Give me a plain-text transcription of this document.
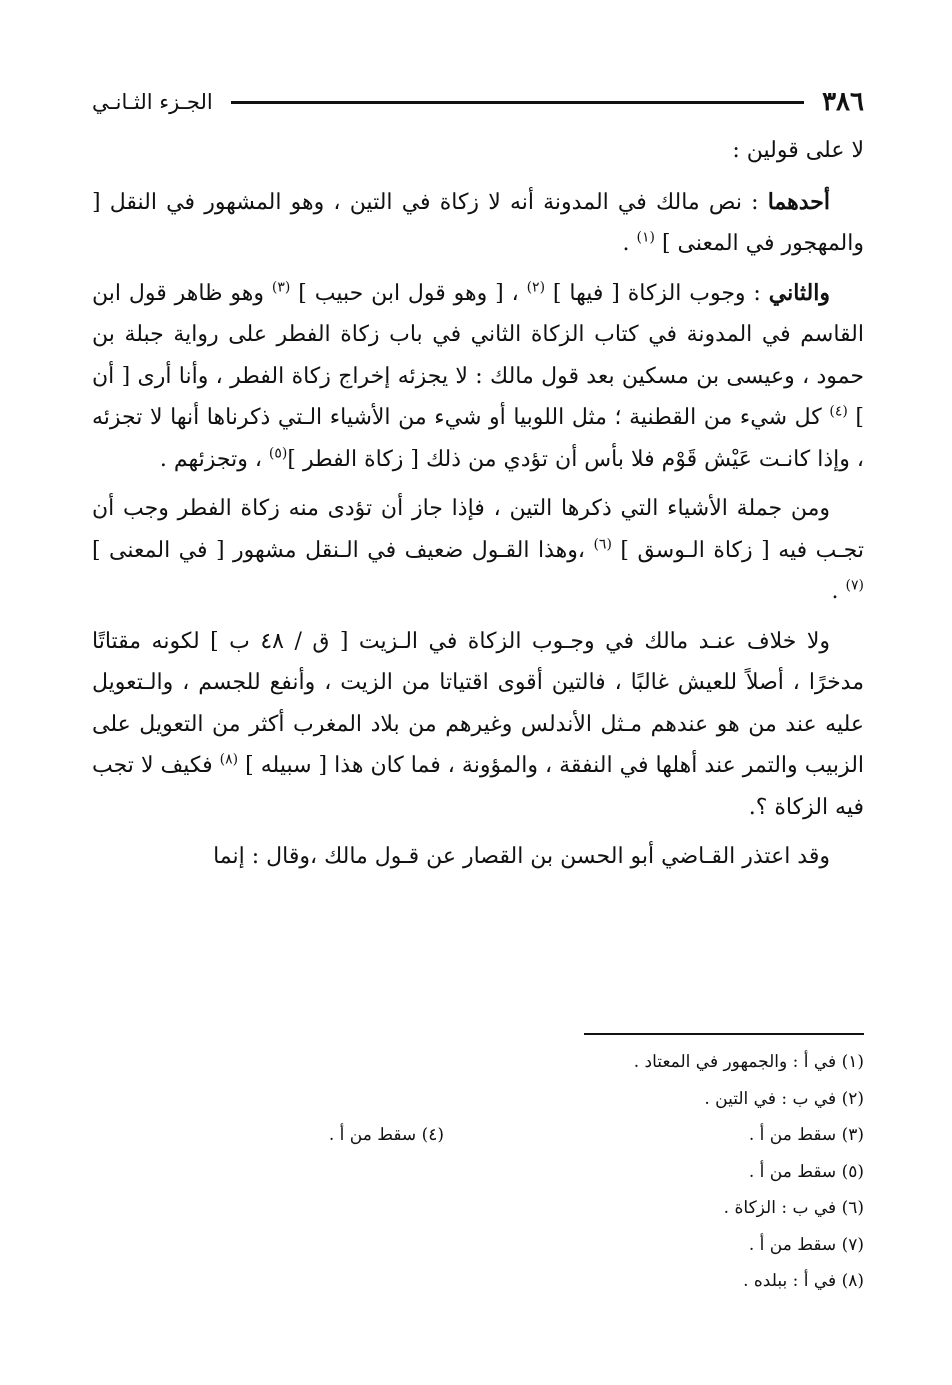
٣٨٦
الجـزء الثـانـي

لا على قولين :

أحدهما : نص مالك في المدونة أنه لا زكاة في التين ، وهو المشهور في النقل [ والمهجور في المعنى ] $^{(١)}$ .

والثاني : وجوب الزكاة [ فيها ] $^{(٢)}$ ، [ وهو قول ابن حبيب ] $^{(٣)}$ وهو ظاهر قول ابن القاسم في المدونة في كتاب الزكاة الثاني في باب زكاة الفطر على رواية جبلة بن حمود ، وعيسى بن مسكين بعد قول مالك : لا يجزئه إخراج زكاة الفطر ، وأنا أرى [ أن ] $^{(٤)}$ كل شيء من القطنية ؛ مثل اللوبيا أو شيء من الأشياء الـتي ذكرناها أنها لا تجزئه ، وإذا كانـت عَيْش قَوْم فلا بأس أن تؤدي من ذلك [ زكاة الفطر ]$^{(٥)}$ ، وتجزئهم .

ومن جملة الأشياء التي ذكرها التين ، فإذا جاز أن تؤدى منه زكاة الفطر وجب أن تجـب فيه [ زكاة الـوسق ] $^{(٦)}$ ،وهذا القـول ضعيف في الـنقل مشهور [ في المعنى ] $^{(٧)}$ .

ولا خلاف عنـد مالك في وجـوب الزكاة في الـزيت [ ق / ٤٨ ب ] لكونه مقتاتًا مدخرًا ، أصلاً للعيش غالبًا ، فالتين أقوى اقتياتا من الزيت ، وأنفع للجسم ، والـتعويل عليه عند من هو عندهم مـثل الأندلس وغيرهم من بلاد المغرب أكثر من التعويل على الزبيب والتمر عند أهلها في النفقة ، والمؤونة ، فما كان هذا [ سبيله ] $^{(٨)}$ فكيف لا تجب فيه الزكاة ؟.

وقد اعتذر القـاضي أبو الحسن بن القصار عن قـول مالك ،وقال : إنما

(١) في أ : والجمهور في المعتاد .
(٢) في ب : في التين .
(٣) سقط من أ .
(٤) سقط من أ .
(٥) سقط من أ .
(٦) في ب : الزكاة .
(٧) سقط من أ .
(٨) في أ : ببلده .
